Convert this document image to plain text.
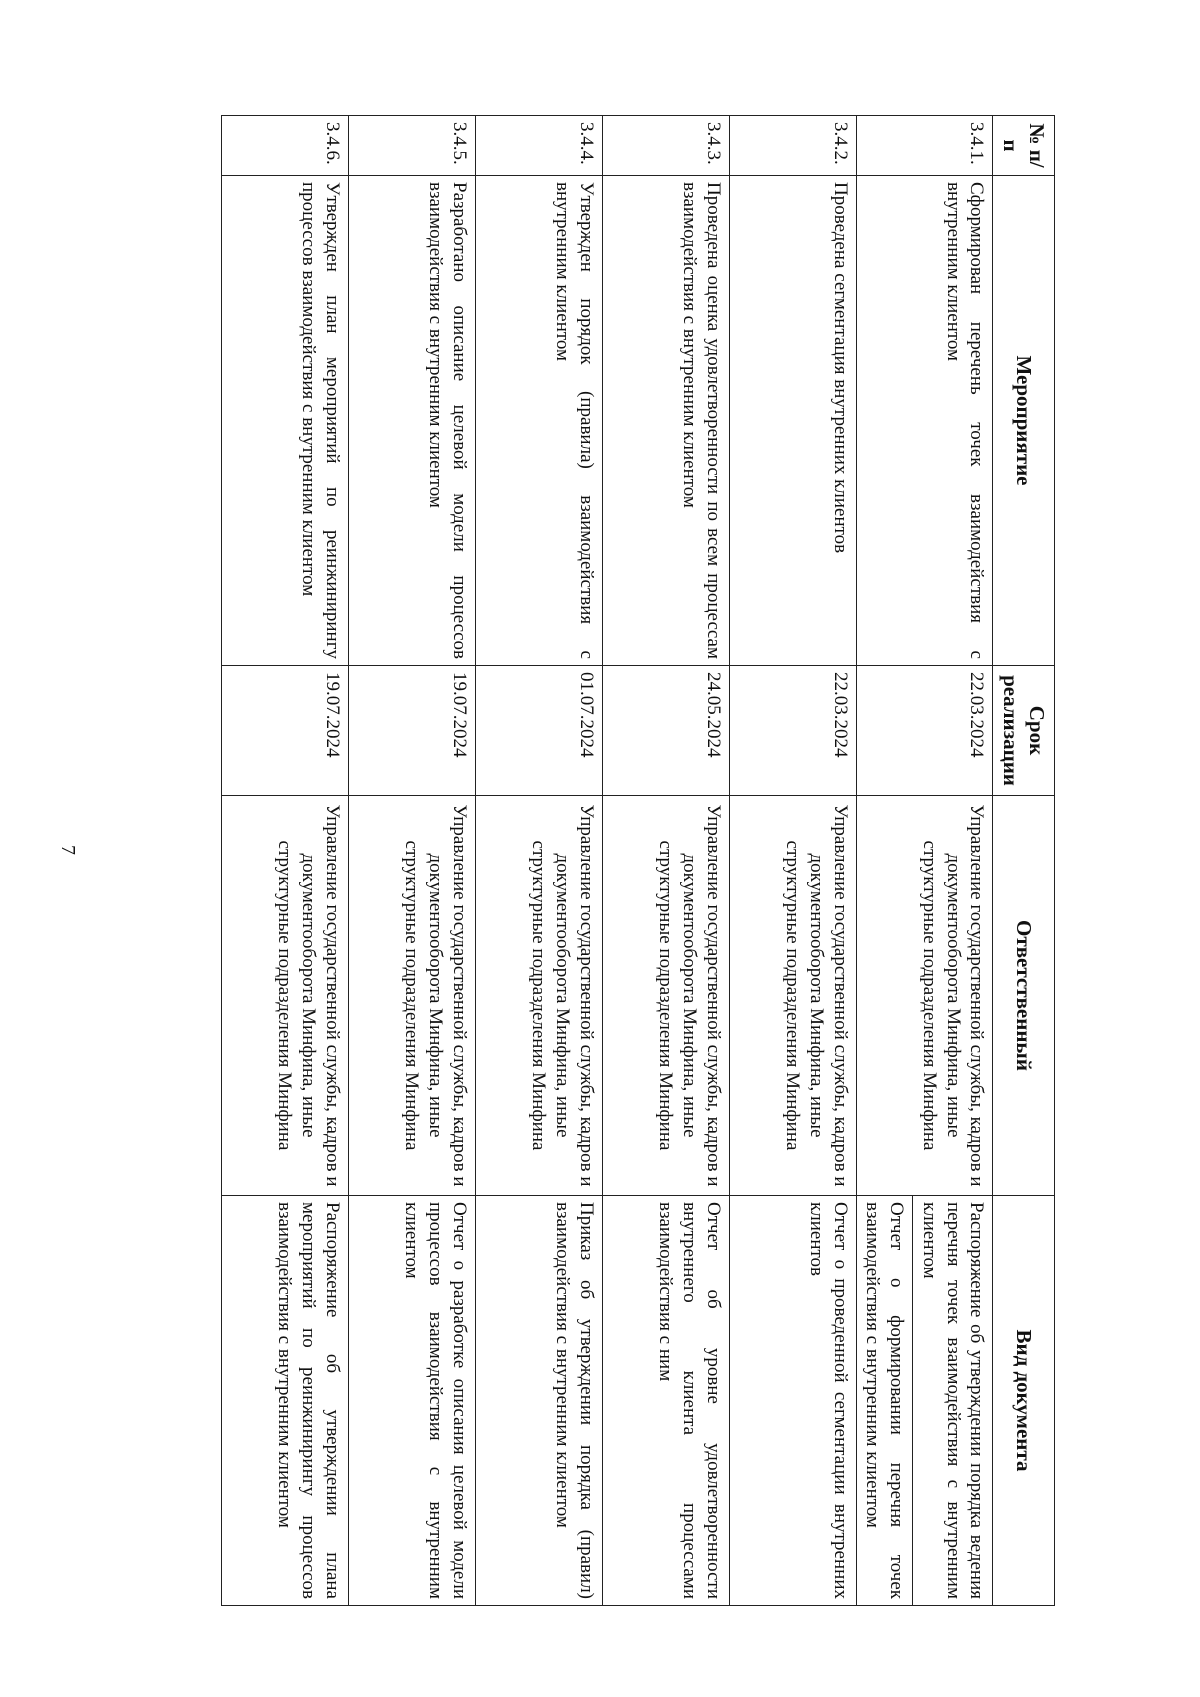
7
№ п/п	Мероприятие	Срок реализации	Ответственный	Вид документа
3.4.1.	Сформирован перечень точек взаимодействия с внутренним клиентом	22.03.2024	Управление государственной службы, кадров и документооборота Минфина, иные структурные подразделения Минфина	Распоряжение об утверждении порядка ведения перечня точек взаимодействия с внутренним клиентом
Отчет о формировании перечня точек взаимодействия с внутренним клиентом

3.4.2.	Проведена сегментация внутренних клиентов	22.03.2024	Управление государственной службы, кадров и документооборота Минфина, иные структурные подразделения Минфина	Отчет о проведенной сегментации внутренних клиентов
3.4.3.	Проведена оценка удовлетворенности по всем процессам взаимодействия с внутренним клиентом	24.05.2024	Управление государственной службы, кадров и документооборота Минфина, иные структурные подразделения Минфина	Отчет об уровне удовлетворенности внутреннего клиента процессами взаимодействия с ним
3.4.4.	Утвержден порядок (правила) взаимодействия с внутренним клиентом	01.07.2024	Управление государственной службы, кадров и документооборота Минфина, иные структурные подразделения Минфина	Приказ об утверждении порядка (правил) взаимодействия с внутренним клиентом
3.4.5.	Разработано описание целевой модели процессов взаимодействия с внутренним клиентом	19.07.2024	Управление государственной службы, кадров и документооборота Минфина, иные структурные подразделения Минфина	Отчет о разработке описания целевой модели процессов взаимодействия с внутренним клиентом
3.4.6.	Утвержден план мероприятий по реинжинирингу процессов взаимодействия с внутренним клиентом	19.07.2024	Управление государственной службы, кадров и документооборота Минфина, иные структурные подразделения Минфина	Распоряжение об утверждении плана мероприятий по реинжинирингу процессов взаимодействия с внутренним клиентом
